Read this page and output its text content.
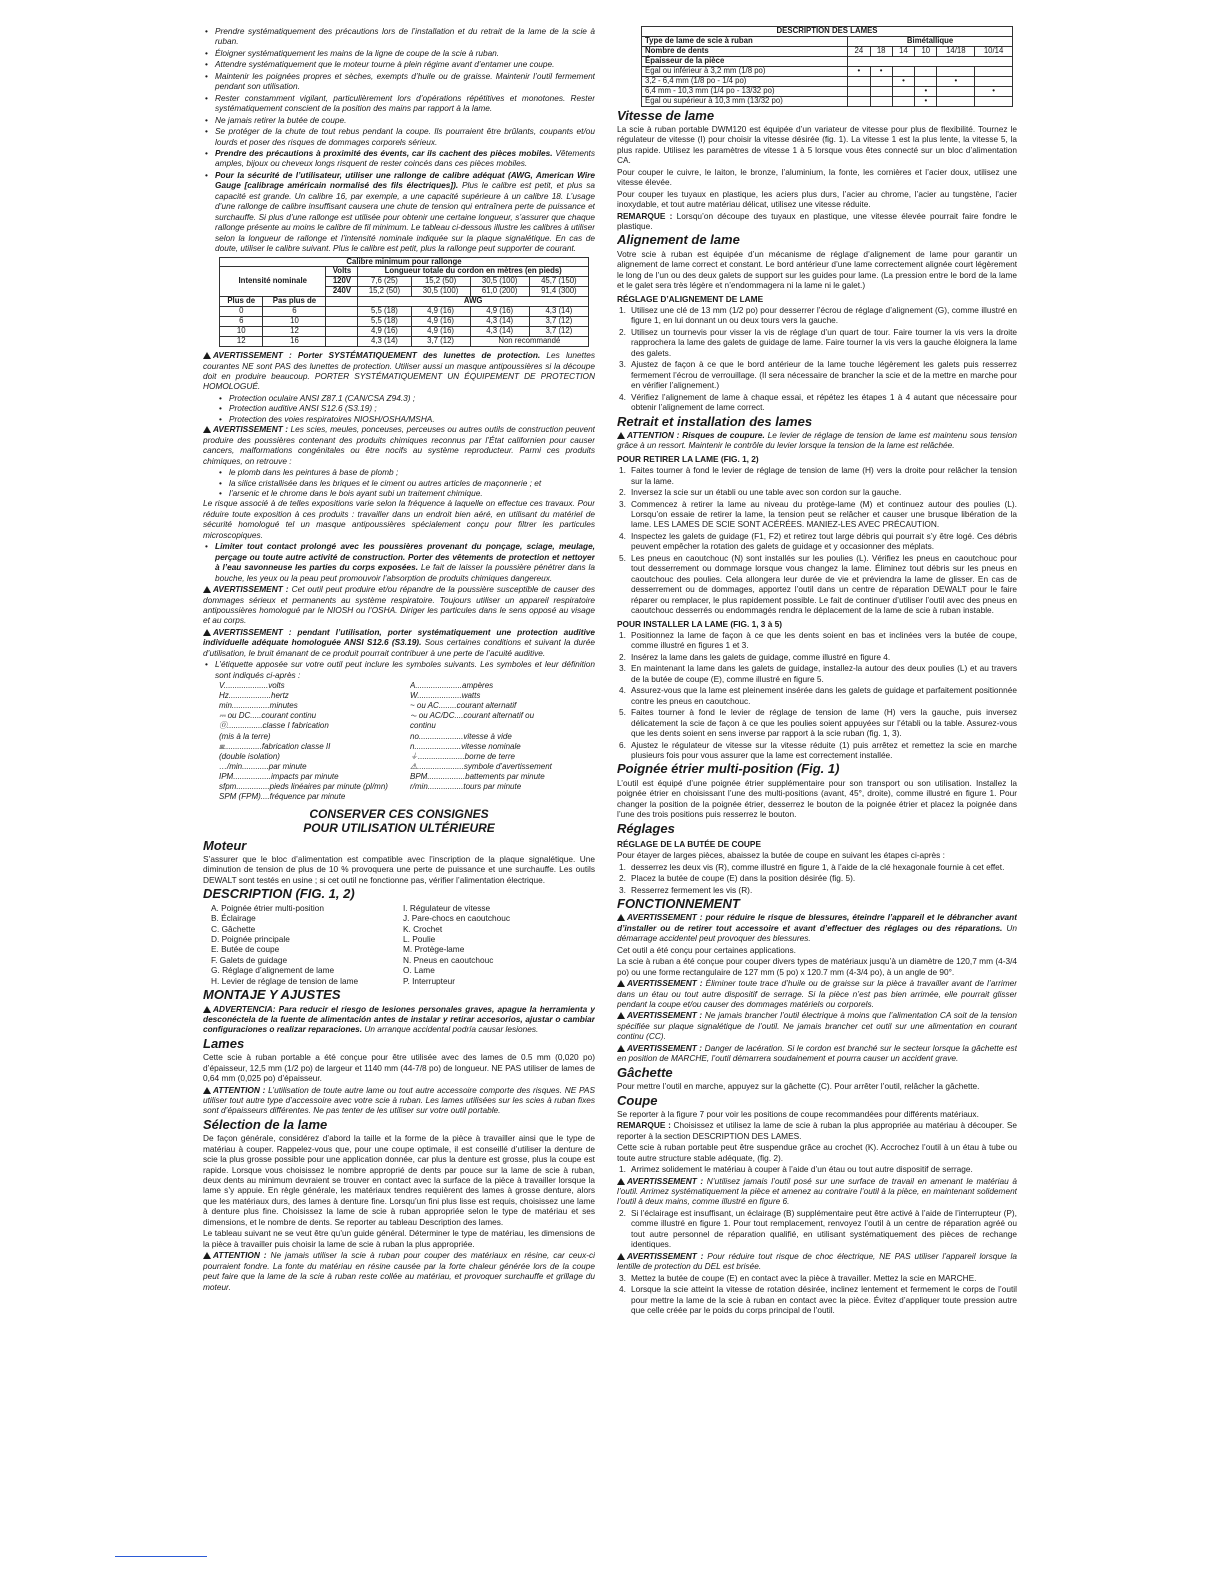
• Prendre systématiquement des précautions lors de l’installation et du retrait de la lame de la scie à ruban.
• Éloigner systématiquement les mains de la ligne de coupe de la scie à ruban.
• Attendre systématiquement que le moteur tourne à plein régime avant d’entamer une coupe.
• Maintenir les poignées propres et sèches, exempts d’huile ou de graisse. Maintenir l’outil fermement pendant son utilisation.
• Rester constamment vigilant, particulièrement lors d’opérations répétitives et monotones. Rester systématiquement conscient de la position des mains par rapport à la lame.
• Ne jamais retirer la butée de coupe.
• Se protéger de la chute de tout rebus pendant la coupe. Ils pourraient être brûlants, coupants et/ou lourds et poser des risques de dommages corporels sérieux.
• Prendre des précautions à proximité des évents, car ils cachent des pièces mobiles. Vêtements amples, bijoux ou cheveux longs risquent de rester coincés dans ces pièces mobiles.
• Pour la sécurité de l’utilisateur, utiliser une rallonge de calibre adéquat (AWG, American Wire Gauge [calibrage américain normalisé des fils électriques]). Plus le calibre est petit, et plus sa capacité est grande. Un calibre 16, par exemple, a une capacité supérieure à un calibre 18. L’usage d’une rallonge de calibre insuffisant causera une chute de tension qui entraînera perte de puissance et surchauffe. Si plus d’une rallonge est utilisée pour obtenir une certaine longueur, s’assurer que chaque rallonge présente au moins le calibre de fil minimum. Le tableau ci-dessous illustre les calibres à utiliser selon la longueur de rallonge et l’intensité nominale indiquée sur la plaque signalétique. En cas de doute, utiliser le calibre suivant. Plus le calibre est petit, plus la rallonge peut supporter de courant.
Calibre minimum pour rallonge						
Intensité nominale		Volts	Longueur totale du cordon en mètres (en pieds)			
		120V	7,6 (25)	15,2 (50)	30,5 (100)	45,7 (150)
		240V	15,2 (50)	30,5 (100)	61,0 (200)	91,4 (300)
Plus de	Pas plus de		AWG			
0	6		5,5 (18)	4,9 (16)	4,9 (16)	4,3 (14)
6	10		5,5 (18)	4,9 (16)	4,3 (14)	3,7 (12)
10	12		4,9 (16)	4,9 (16)	4,3 (14)	3,7 (12)
12	16		4,3 (14)	3,7 (12)	Non recommandé	

AVERTISSEMENT : Porter SYSTÉMATIQUEMENT des lunettes de protection. Les lunettes courantes NE sont PAS des lunettes de protection. Utiliser aussi un masque antipoussières si la découpe doit en produire beaucoup. PORTER SYSTÉMATIQUEMENT UN ÉQUIPEMENT DE PROTECTION HOMOLOGUÉ.

• Protection oculaire ANSI Z87.1 (CAN/CSA Z94.3) ;
• Protection auditive ANSI S12.6 (S3.19) ;
• Protection des voies respiratoires NIOSH/OSHA/MSHA.

AVERTISSEMENT : Les scies, meules, ponceuses, perceuses ou autres outils de construction peuvent produire des poussières contenant des produits chimiques reconnus par l’État californien pour causer cancers, malformations congénitales ou être nocifs au système reproducteur. Parmi ces produits chimiques, on retrouve :

• le plomb dans les peintures à base de plomb ;
• la silice cristallisée dans les briques et le ciment ou autres articles de maçonnerie ; et
• l’arsenic et le chrome dans le bois ayant subi un traitement chimique.

Le risque associé à de telles expositions varie selon la fréquence à laquelle on effectue ces travaux. Pour réduire toute exposition à ces produits : travailler dans un endroit bien aéré, en utilisant du matériel de sécurité homologué tel un masque antipoussières spécialement conçu pour filtrer les particules microscopiques.

• Limiter tout contact prolongé avec les poussières provenant du ponçage, sciage, meulage, perçage ou toute autre activité de construction. Porter des vêtements de protection et nettoyer à l’eau savonneuse les parties du corps exposées. Le fait de laisser la poussière pénétrer dans la bouche, les yeux ou la peau peut promouvoir l’absorption de produits chimiques dangereux.

AVERTISSEMENT : Cet outil peut produire et/ou répandre de la poussière susceptible de causer des dommages sérieux et permanents au système respiratoire. Toujours utiliser un appareil respiratoire antipoussières homologué par le NIOSH ou l’OSHA. Diriger les particules dans le sens opposé au visage et au corps.

AVERTISSEMENT : pendant l’utilisation, porter systématiquement une protection auditive individuelle adéquate homologuée ANSI S12.6 (S3.19). Sous certaines conditions et suivant la durée d’utilisation, le bruit émanant de ce produit pourrait contribuer à une perte de l’acuité auditive.

• L’étiquette apposée sur votre outil peut inclure les symboles suivants. Les symboles et leur définition sont indiqués ci-après :
V....................volts	A.....................ampères
Hz...................hertz	W....................watts
min.................minutes	~ ou AC........courant alternatif
⎓ ou DC.....courant continu	⏦ ou AC/DC....courant alternatif ou
⓪................classe I fabrication	continu
(mis à la terre)	no....................vitesse à vide
⧈.................fabrication classe II	n.....................vitesse nominale
(double isolation)	⏚.....................borne de terre
…/min............par minute	⚠.....................symbole d’avertissement
IPM.................impacts par minute	BPM.................battements par minute
sfpm...............pieds linéaires par minute (pl/mn)	r/min................tours par minute
SPM (FPM)....fréquence par minute
CONSERVER CES CONSIGNES
POUR UTILISATION ULTÉRIEURE
Moteur

S’assurer que le bloc d’alimentation est compatible avec l’inscription de la plaque signalétique. Une diminution de tension de plus de 10 % provoquera une perte de puissance et une surchauffe. Les outils DEWALT sont testés en usine ; si cet outil ne fonctionne pas, vérifier l’alimentation électrique.

DESCRIPTION (FIG. 1, 2)
A. Poignée étrier multi-position	I. Régulateur de vitesse
B. Éclairage	J. Pare-chocs en caoutchouc
C. Gâchette	K. Crochet
D. Poignée principale	L. Poulie
E. Butée de coupe	M. Protège-lame
F. Galets de guidage	N. Pneus en caoutchouc
G. Réglage d’alignement de lame	O. Lame
H. Levier de réglage de tension de lame	P. Interrupteur
MONTAJE Y AJUSTES

ADVERTENCIA: Para reducir el riesgo de lesiones personales graves, apague la herramienta y desconéctela de la fuente de alimentación antes de instalar y retirar accesorios, ajustar o cambiar configuraciones o realizar reparaciones. Un arranque accidental podría causar lesiones.

Lames

Cette scie à ruban portable a été conçue pour être utilisée avec des lames de 0.5 mm (0,020 po) d’épaisseur, 12,5 mm (1/2 po) de largeur et 1140 mm (44-7/8 po) de longueur. NE PAS utiliser de lames de 0,64 mm (0,025 po) d’épaisseur.

ATTENTION : L’utilisation de toute autre lame ou tout autre accessoire comporte des risques. NE PAS utiliser tout autre type d’accessoire avec votre scie à ruban. Les lames utilisées sur les scies à ruban fixes sont d’épaisseurs différentes. Ne pas tenter de les utiliser sur votre outil portable.

Sélection de la lame

De façon générale, considérez d’abord la taille et la forme de la pièce à travailler ainsi que le type de matériau à couper. Rappelez-vous que, pour une coupe optimale, il est conseillé d’utiliser la denture de scie la plus grosse possible pour une application donnée, car plus la denture est grosse, plus la coupe est rapide. Lorsque vous choisissez le nombre approprié de dents par pouce sur la lame de scie à ruban, deux dents au minimum devraient se trouver en contact avec la surface de la pièce à travailler lorsque la lame s’y appuie. En règle générale, les matériaux tendres requièrent des lames à grosse denture, alors que les matériaux durs, des lames à denture fine. Lorsqu’un fini plus lisse est requis, choisissez une lame à denture plus fine. Choisissez la lame de scie à ruban appropriée selon le type de matériau et ses dimensions, et le nombre de dents. Se reporter au tableau Description des lames.

Le tableau suivant ne se veut être qu’un guide général. Déterminer le type de matériau, les dimensions de la pièce à travailler puis choisir la lame de scie à ruban la plus appropriée.

ATTENTION : Ne jamais utiliser la scie à ruban pour couper des matériaux en résine, car ceux-ci pourraient fondre. La fonte du matériau en résine causée par la forte chaleur générée lors de la coupe peut faire que la lame de la scie à ruban reste collée au matériau, et provoquer surchauffe et grillage du moteur.

DESCRIPTION DES LAMES						
Type de lame de scie à ruban	Bimétallique					
Nombre de dents	24	18	14	10	14/18	10/14
Épaisseur de la pièce						
Égal ou inférieur à 3,2 mm (1/8 po)	•	•				
3,2 - 6,4 mm (1/8 po - 1/4 po)			•		•	
6,4 mm - 10,3 mm (1/4 po - 13/32 po)				•		•
Égal ou supérieur à 10,3 mm (13/32 po)				•		
Vitesse de lame

La scie à ruban portable DWM120 est équipée d’un variateur de vitesse pour plus de flexibilité. Tournez le régulateur de vitesse (I) pour choisir la vitesse désirée (fig. 1). La vitesse 1 est la plus lente, la vitesse 5, la plus rapide. Utilisez les paramètres de vitesse 1 à 5 lorsque vous êtes connecté sur un bloc d’alimentation CA.

Pour couper le cuivre, le laiton, le bronze, l’aluminium, la fonte, les cornières et l’acier doux, utilisez une vitesse élevée.

Pour couper les tuyaux en plastique, les aciers plus durs, l’acier au chrome, l’acier au tungstène, l’acier inoxydable, et tout autre matériau délicat, utilisez une vitesse réduite.

REMARQUE : Lorsqu’on découpe des tuyaux en plastique, une vitesse élevée pourrait faire fondre le plastique.

Alignement de lame

Votre scie à ruban est équipée d’un mécanisme de réglage d’alignement de lame pour garantir un alignement de lame correct et constant. Le bord antérieur d’une lame correctement alignée court légèrement le long de l’un ou des deux galets de support sur les guides pour lame. (La pression entre le bord de la lame et le galet sera très légère et n’endommagera ni la lame ni le galet.)

RÉGLAGE D’ALIGNEMENT DE LAME
1. Utilisez une clé de 13 mm (1/2 po) pour desserrer l’écrou de réglage d’alignement (G), comme illustré en figure 1, en lui donnant un ou deux tours vers la gauche.
2. Utilisez un tournevis pour visser la vis de réglage d’un quart de tour. Faire tourner la vis vers la droite rapprochera la lame des galets de guidage de lame. Faire tourner la vis vers la gauche éloignera la lame des galets.
3. Ajustez de façon à ce que le bord antérieur de la lame touche légèrement les galets puis resserrez fermement l’écrou de verrouillage. (Il sera nécessaire de brancher la scie et de la mettre en marche pour en vérifier l’alignement.)
4. Vérifiez l’alignement de lame à chaque essai, et répétez les étapes 1 à 4 autant que nécessaire pour obtenir l’alignement de lame correct.
Retrait et installation des lames

ATTENTION : Risques de coupure. Le levier de réglage de tension de lame est maintenu sous tension grâce à un ressort. Maintenir le contrôle du levier lorsque la tension de la lame est relâchée.

POUR RETIRER LA LAME (FIG. 1, 2)
1. Faites tourner à fond le levier de réglage de tension de lame (H) vers la droite pour relâcher la tension sur la lame.
2. Inversez la scie sur un établi ou une table avec son cordon sur la gauche.
3. Commencez à retirer la lame au niveau du protège-lame (M) et continuez autour des poulies (L). Lorsqu’on essaie de retirer la lame, la tension peut se relâcher et causer une brusque libération de la lame. LES LAMES DE SCIE SONT ACÉRÉES. MANIEZ-LES AVEC PRÉCAUTION.
4. Inspectez les galets de guidage (F1, F2) et retirez tout large débris qui pourrait s’y être logé. Ces débris peuvent empêcher la rotation des galets de guidage et y occasionner des méplats.
5. Les pneus en caoutchouc (N) sont installés sur les poulies (L). Vérifiez les pneus en caoutchouc pour tout desserrement ou dommage lorsque vous changez la lame. Éliminez tout débris sur les pneus en caoutchouc des poulies. Cela allongera leur durée de vie et préviendra la lame de glisser. En cas de desserrement ou de dommages, apportez l’outil dans un centre de réparation DEWALT pour le faire réparer ou remplacer, le plus rapidement possible. Le fait de continuer d’utiliser l’outil avec des pneus en caoutchouc desserrés ou endommagés rendra le déplacement de la lame de scie à ruban instable.
POUR INSTALLER LA LAME (FIG. 1, 3 à 5)
1. Positionnez la lame de façon à ce que les dents soient en bas et inclinées vers la butée de coupe, comme illustré en figures 1 et 3.
2. Insérez la lame dans les galets de guidage, comme illustré en figure 4.
3. En maintenant la lame dans les galets de guidage, installez-la autour des deux poulies (L) et au travers de la butée de coupe (E), comme illustré en figure 5.
4. Assurez-vous que la lame est pleinement insérée dans les galets de guidage et parfaitement positionnée contre les pneus en caoutchouc.
5. Faites tourner à fond le levier de réglage de tension de lame (H) vers la gauche, puis inversez délicatement la scie de façon à ce que les poulies soient appuyées sur l’établi ou la table. Assurez-vous que les dents soient en sens inverse par rapport à la scie ruban (fig. 1, 3).
6. Ajustez le régulateur de vitesse sur la vitesse réduite (1) puis arrêtez et remettez la scie en marche plusieurs fois pour vous assurer que la lame est correctement installée.
Poignée étrier multi-position (Fig. 1)

L’outil est équipé d’une poignée étrier supplémentaire pour son transport ou son utilisation. Installez la poignée étrier en choisissant l’une des multi-positions (avant, 45°, droite), comme illustré en figure 1. Pour changer la position de la poignée étrier, desserrez le bouton de la poignée étrier et placez la poignée dans l’une des trois positions puis resserrez le bouton.

Réglages
RÉGLAGE DE LA BUTÉE DE COUPE

Pour étayer de larges pièces, abaissez la butée de coupe en suivant les étapes ci-après :

1. desserrez les deux vis (R), comme illustré en figure 1, à l’aide de la clé hexagonale fournie à cet effet.
2. Placez la butée de coupe (E) dans la position désirée (fig. 5).
3. Resserrez fermement les vis (R).
FONCTIONNEMENT

AVERTISSEMENT : pour réduire le risque de blessures, éteindre l’appareil et le débrancher avant d’installer ou de retirer tout accessoire et avant d’effectuer des réglages ou des réparations. Un démarrage accidentel peut provoquer des blessures.

Cet outil a été conçu pour certaines applications.

La scie à ruban a été conçue pour couper divers types de matériaux jusqu’à un diamètre de 120,7 mm (4-3/4 po) ou une forme rectangulaire de 127 mm (5 po) x 120.7 mm (4-3/4 po), à un angle de 90°.

AVERTISSEMENT : Éliminer toute trace d’huile ou de graisse sur la pièce à travailler avant de l’arrimer dans un étau ou tout autre dispositif de serrage. Si la pièce n’est pas bien arrimée, elle pourrait glisser pendant la coupe et/ou causer des dommages matériels ou corporels.

AVERTISSEMENT : Ne jamais brancher l’outil électrique à moins que l’alimentation CA soit de la tension spécifiée sur plaque signalétique de l’outil. Ne jamais brancher cet outil sur une alimentation en courant continu (CC).

AVERTISSEMENT : Danger de lacération. Si le cordon est branché sur le secteur lorsque la gâchette est en position de MARCHE, l’outil démarrera soudainement et pourra causer un accident grave.

Gâchette

Pour mettre l’outil en marche, appuyez sur la gâchette (C). Pour arrêter l’outil, relâcher la gâchette.

Coupe

Se reporter à la figure 7 pour voir les positions de coupe recommandées pour différents matériaux.

REMARQUE : Choisissez et utilisez la lame de scie à ruban la plus appropriée au matériau à découper. Se reporter à la section DESCRIPTION DES LAMES.

Cette scie à ruban portable peut être suspendue grâce au crochet (K). Accrochez l’outil à un étau à tube ou toute autre structure stable adéquate, (fig. 2).

1. Arrimez solidement le matériau à couper à l’aide d’un étau ou tout autre dispositif de serrage.

AVERTISSEMENT : N’utilisez jamais l’outil posé sur une surface de travail en amenant le matériau à l’outil. Arrimez systématiquement la pièce et amenez au contraire l’outil à la pièce, en maintenant solidement l’outil à deux mains, comme illustré en figure 6.

2. Si l’éclairage est insuffisant, un éclairage (B) supplémentaire peut être activé à l’aide de l’interrupteur (P), comme illustré en figure 1. Pour tout remplacement, renvoyez l’outil à un centre de réparation agréé ou tout autre personnel de réparation qualifié, en utilisant systématiquement des pièces de rechange identiques.

AVERTISSEMENT : Pour réduire tout risque de choc électrique, NE PAS utiliser l’appareil lorsque la lentille de protection du DEL est brisée.

3. Mettez la butée de coupe (E) en contact avec la pièce à travailler. Mettez la scie en MARCHE.
4. Lorsque la scie atteint la vitesse de rotation désirée, inclinez lentement et fermement le corps de l’outil pour mettre la lame de la scie à ruban en contact avec la pièce. Évitez d’appliquer toute pression autre que celle créée par le poids du corps principal de l’outil.
